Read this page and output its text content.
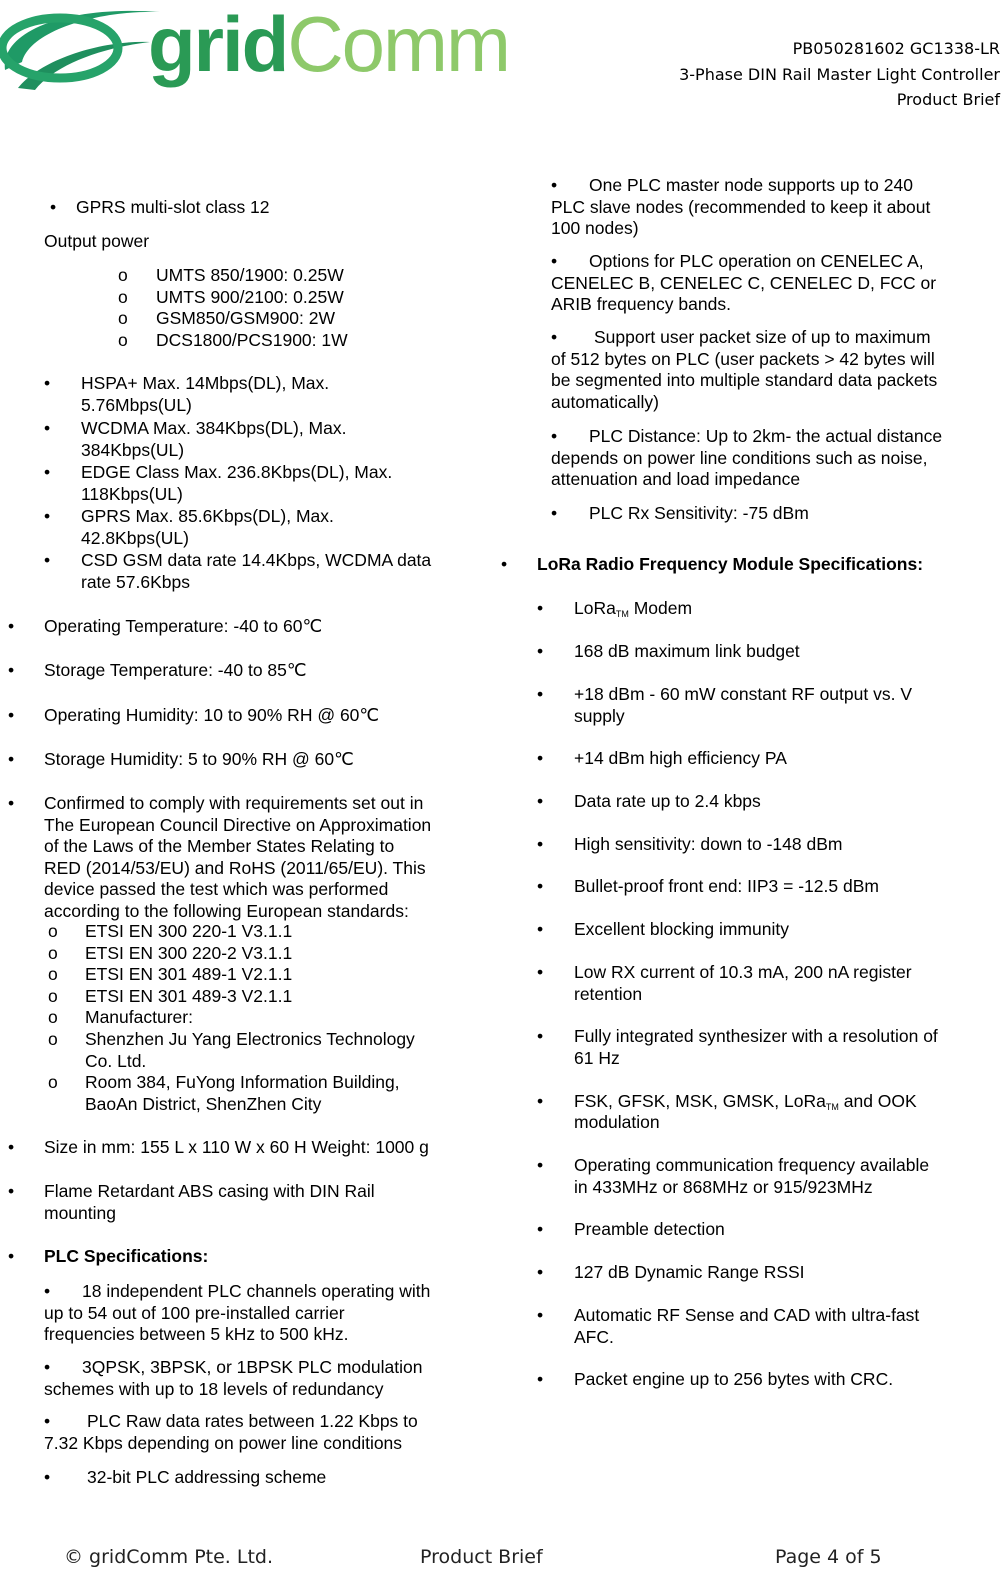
gridComm	PB050281602 GC1338-LR
3-Phase DIN Rail Master Light Controller
Product Brief
• GPRS multi-slot class 12
Output power
o UMTS 850/1900: 0.25W
o UMTS 900/2100: 0.25W
o GSM850/GSM900: 2W
o DCS1800/PCS1900: 1W
• HSPA+ Max. 14Mbps(DL), Max.
5.76Mbps(UL)
• WCDMA Max. 384Kbps(DL), Max.
384Kbps(UL)
• EDGE Class Max. 236.8Kbps(DL), Max.
118Kbps(UL)
• GPRS Max. 85.6Kbps(DL), Max.
42.8Kbps(UL)
• CSD GSM data rate 14.4Kbps, WCDMA data
rate 57.6Kbps
• Operating Temperature: -40 to 60℃
• Storage Temperature: -40 to 85℃
• Operating Humidity: 10 to 90% RH @ 60℃
• Storage Humidity: 5 to 90% RH @ 60℃
• Confirmed to comply with requirements set out in
The European Council Directive on Approximation
of the Laws of the Member States Relating to
RED (2014/53/EU) and RoHS (2011/65/EU). This
device passed the test which was performed
according to the following European standards:
o ETSI EN 300 220-1 V3.1.1
o ETSI EN 300 220-2 V3.1.1
o ETSI EN 301 489-1 V2.1.1
o ETSI EN 301 489-3 V2.1.1
o Manufacturer:
o Shenzhen Ju Yang Electronics Technology
Co. Ltd.
o Room 384, FuYong Information Building,
BaoAn District, ShenZhen City
• Size in mm: 155 L x 110 W x 60 H Weight: 1000 g
• Flame Retardant ABS casing with DIN Rail
mounting
• PLC Specifications:
• 18 independent PLC channels operating with
up to 54 out of 100 pre-installed carrier
frequencies between 5 kHz to 500 kHz.
• 3QPSK, 3BPSK, or 1BPSK PLC modulation
schemes with up to 18 levels of redundancy
• PLC Raw data rates between 1.22 Kbps to
7.32 Kbps depending on power line conditions
• 32-bit PLC addressing scheme
• One PLC master node supports up to 240
PLC slave nodes (recommended to keep it about
100 nodes)
• Options for PLC operation on CENELEC A,
CENELEC B, CENELEC C, CENELEC D, FCC or
ARIB frequency bands.
• Support user packet size of up to maximum
of 512 bytes on PLC (user packets > 42 bytes will
be segmented into multiple standard data packets
automatically)
• PLC Distance: Up to 2km- the actual distance
depends on power line conditions such as noise,
attenuation and load impedance
• PLC Rx Sensitivity: -75 dBm
• LoRa Radio Frequency Module Specifications:
• LoRa$_{TM}$ Modem
• 168 dB maximum link budget
• +18 dBm - 60 mW constant RF output vs. V
supply
• +14 dBm high efficiency PA
• Data rate up to 2.4 kbps
• High sensitivity: down to -148 dBm
• Bullet-proof front end: IIP3 = -12.5 dBm
• Excellent blocking immunity
• Low RX current of 10.3 mA, 200 nA register
retention
• Fully integrated synthesizer with a resolution of
61 Hz
• FSK, GFSK, MSK, GMSK, LoRa$_{TM}$ and OOK
modulation
• Operating communication frequency available
in 433MHz or 868MHz or 915/923MHz
• Preamble detection
• 127 dB Dynamic Range RSSI
• Automatic RF Sense and CAD with ultra-fast
AFC.
• Packet engine up to 256 bytes with CRC.
© gridComm Pte. Ltd.	Product Brief	Page 4 of 5
